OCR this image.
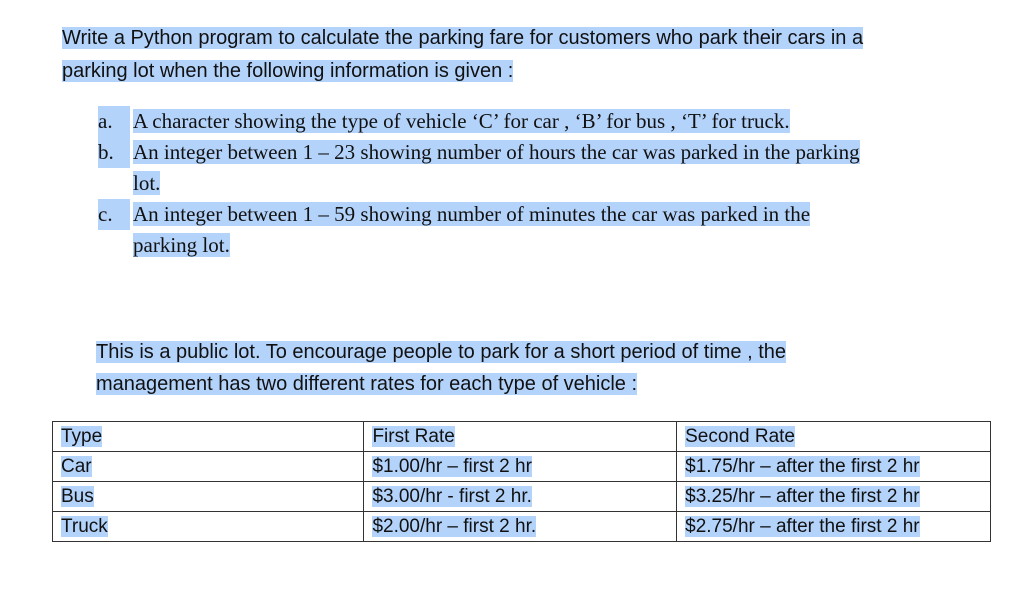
Write a Python program to calculate the parking fare for customers who park their cars in a
parking lot when the following information is given :
a. A character showing the type of vehicle ‘C’ for car , ‘B’ for bus , ‘T’ for truck.
b. An integer between 1 – 23 showing number of hours the car was parked in the parking
lot.
c. An integer between 1 – 59 showing number of minutes the car was parked in the
parking lot.
This is a public lot. To encourage people to park for a short period of time , the
management has two different rates for each type of vehicle :
Type	First Rate	Second Rate
Car	$1.00/hr – first 2 hr	$1.75/hr – after the first 2 hr
Bus	$3.00/hr - first 2 hr.	$3.25/hr – after the first 2 hr
Truck	$2.00/hr – first 2 hr.	$2.75/hr – after the first 2 hr
